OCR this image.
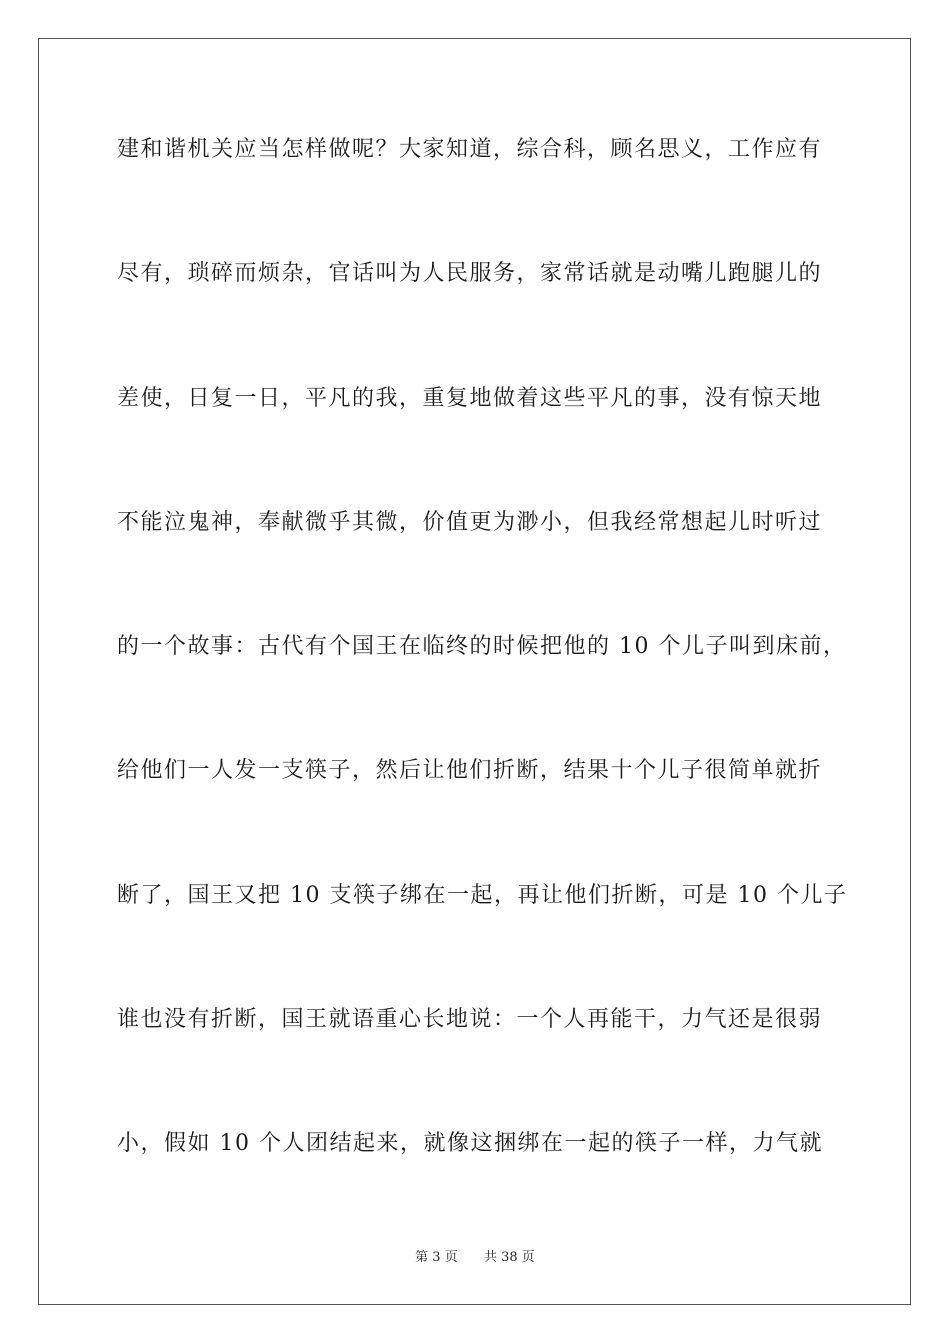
建和谐机关应当怎样做呢？大家知道，综合科，顾名思义，工作应有
尽有，琐碎而烦杂，官话叫为人民服务，家常话就是动嘴儿跑腿儿的
差使，日复一日，平凡的我，重复地做着这些平凡的事，没有惊天地
不能泣鬼神，奉献微乎其微，价值更为渺小，但我经常想起儿时听过
的一个故事：古代有个国王在临终的时候把他的 10 个儿子叫到床前，
给他们一人发一支筷子，然后让他们折断，结果十个儿子很简单就折
断了，国王又把 10 支筷子绑在一起，再让他们折断，可是 10 个儿子
谁也没有折断，国王就语重心长地说：一个人再能干，力气还是很弱
小，假如 10 个人团结起来，就像这捆绑在一起的筷子一样，力气就
第 3 页 共 38 页
